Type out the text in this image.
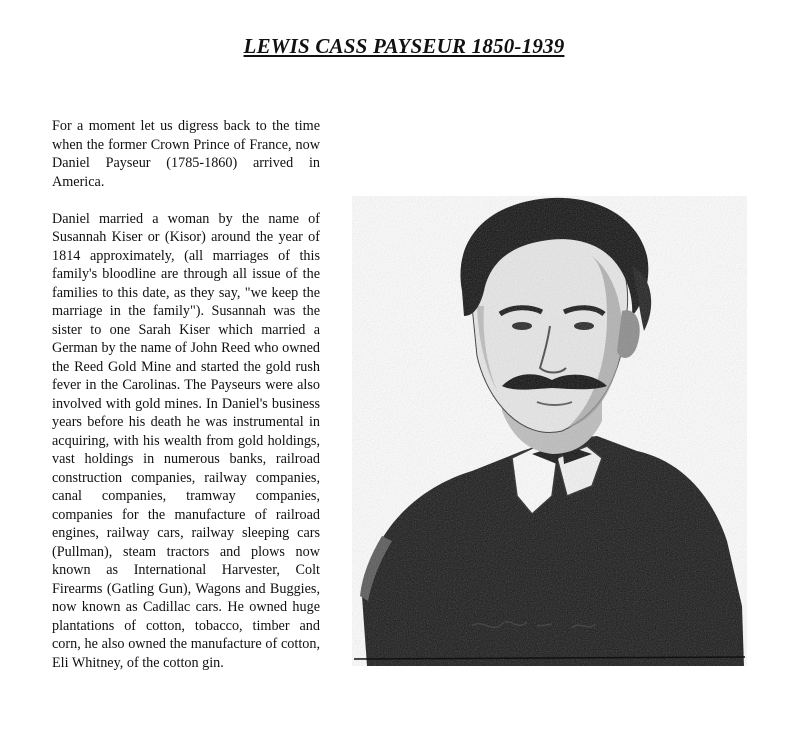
LEWIS CASS PAYSEUR 1850-1939

For a moment let us digress back to the time when the former Crown Prince of France, now Daniel Payseur (1785-1860) arrived in America.

Daniel married a woman by the name of Susannah Kiser or (Kisor) around the year of 1814 approximately, (all marriages of this family's bloodline are through all issue of the families to this date, as they say, "we keep the marriage in the family"). Susannah was the sister to one Sarah Kiser which married a German by the name of John Reed who owned the Reed Gold Mine and started the gold rush fever in the Carolinas. The Payseurs were also involved with gold mines. In Daniel's business years before his death he was instrumental in acquiring, with his wealth from gold holdings, vast holdings in numerous banks, railroad construction companies, railway companies, canal companies, tramway companies, companies for the manufacture of railroad engines, railway cars, railway sleeping cars (Pullman), steam tractors and plows now known as International Harvester, Colt Firearms (Gatling Gun), Wagons and Buggies, now known as Cadillac cars. He owned huge plantations of cotton, tobacco, timber and corn, he also owned the manufacture of cotton, Eli Whitney, of the cotton gin.
